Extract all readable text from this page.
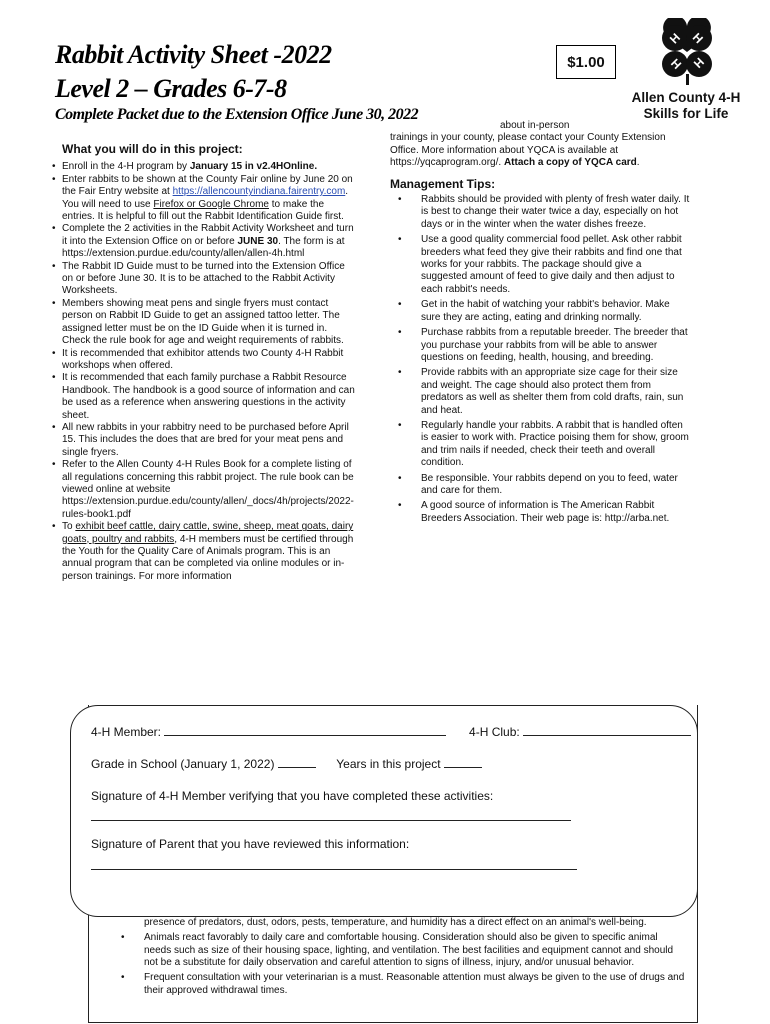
Rabbit Activity Sheet -2022
Level 2 – Grades 6-7-8
Complete Packet due to the Extension Office June 30, 2022
$1.00
H H
H H
Allen County 4-H
Skills for Life
What you will do in this project:
• Enroll in the 4-H program by January 15 in v2.4HOnline.
• Enter rabbits to be shown at the County Fair online by June 20 on the Fair Entry website at https://allencountyindiana.fairentry.com. You will need to use Firefox or Google Chrome to make the entries. It is helpful to fill out the Rabbit Identification Guide first.
• Complete the 2 activities in the Rabbit Activity Worksheet and turn it into the Extension Office on or before JUNE 30. The form is at https://extension.purdue.edu/county/allen/allen-4h.html
• The Rabbit ID Guide must to be turned into the Extension Office on or before June 30. It is to be attached to the Rabbit Activity Worksheets.
• Members showing meat pens and single fryers must contact person on Rabbit ID Guide to get an assigned tattoo letter. The assigned letter must be on the ID Guide when it is turned in. Check the rule book for age and weight requirements of rabbits.
• It is recommended that exhibitor attends two County 4-H Rabbit workshops when offered.
• It is recommended that each family purchase a Rabbit Resource Handbook. The handbook is a good source of information and can be used as a reference when answering questions in the activity sheet.
• All new rabbits in your rabbitry need to be purchased before April 15. This includes the does that are bred for your meat pens and single fryers.
• Refer to the Allen County 4-H Rules Book for a complete listing of all regulations concerning this rabbit project. The rule book can be viewed online at website https://extension.purdue.edu/county/allen/_docs/4h/projects/2022-rules-book1.pdf
• To exhibit beef cattle, dairy cattle, swine, sheep, meat goats, dairy goats, poultry and rabbits, 4-H members must be certified through the Youth for the Quality Care of Animals program. This is an annual program that can be completed via online modules or in-person trainings. For more information
about in-person
trainings in your county, please contact your County Extension Office. More information about YQCA is available at https://yqcaprogram.org/. Attach a copy of YQCA card.
Management Tips:
• Rabbits should be provided with plenty of fresh water daily. It is best to change their water twice a day, especially on hot days or in the winter when the water dishes freeze.
• Use a good quality commercial food pellet. Ask other rabbit breeders what feed they give their rabbits and find one that works for your rabbits. The package should give a suggested amount of feed to give daily and then adjust to each rabbit's needs.
• Get in the habit of watching your rabbit's behavior. Make sure they are acting, eating and drinking normally.
• Purchase rabbits from a reputable breeder. The breeder that you purchase your rabbits from will be able to answer questions on feeding, health, housing, and breeding.
• Provide rabbits with an appropriate size cage for their size and weight. The cage should also protect them from predators as well as shelter them from cold drafts, rain, sun and heat.
• Regularly handle your rabbits. A rabbit that is handled often is easier to work with. Practice poising them for show, groom and trim nails if needed, check their teeth and overall condition.
• Be responsible. Your rabbits depend on you to feed, water and care for them.
• A good source of information is The American Rabbit Breeders Association. Their web page is: http://arba.net.
presence of predators, dust, odors, pests, temperature, and humidity has a direct effect on an animal's well-being.
• Animals react favorably to daily care and comfortable housing. Consideration should also be given to specific animal needs such as size of their housing space, lighting, and ventilation. The best facilities and equipment cannot and should not be a substitute for daily observation and careful attention to signs of illness, injury, and/or unusual behavior.
• Frequent consultation with your veterinarian is a must. Reasonable attention must always be given to the use of drugs and their approved withdrawal times.
4-H Member:	4-H Club:
Grade in School (January 1, 2022)	Years in this project
Signature of 4-H Member verifying that you have completed these activities:
Signature of Parent that you have reviewed this information:
